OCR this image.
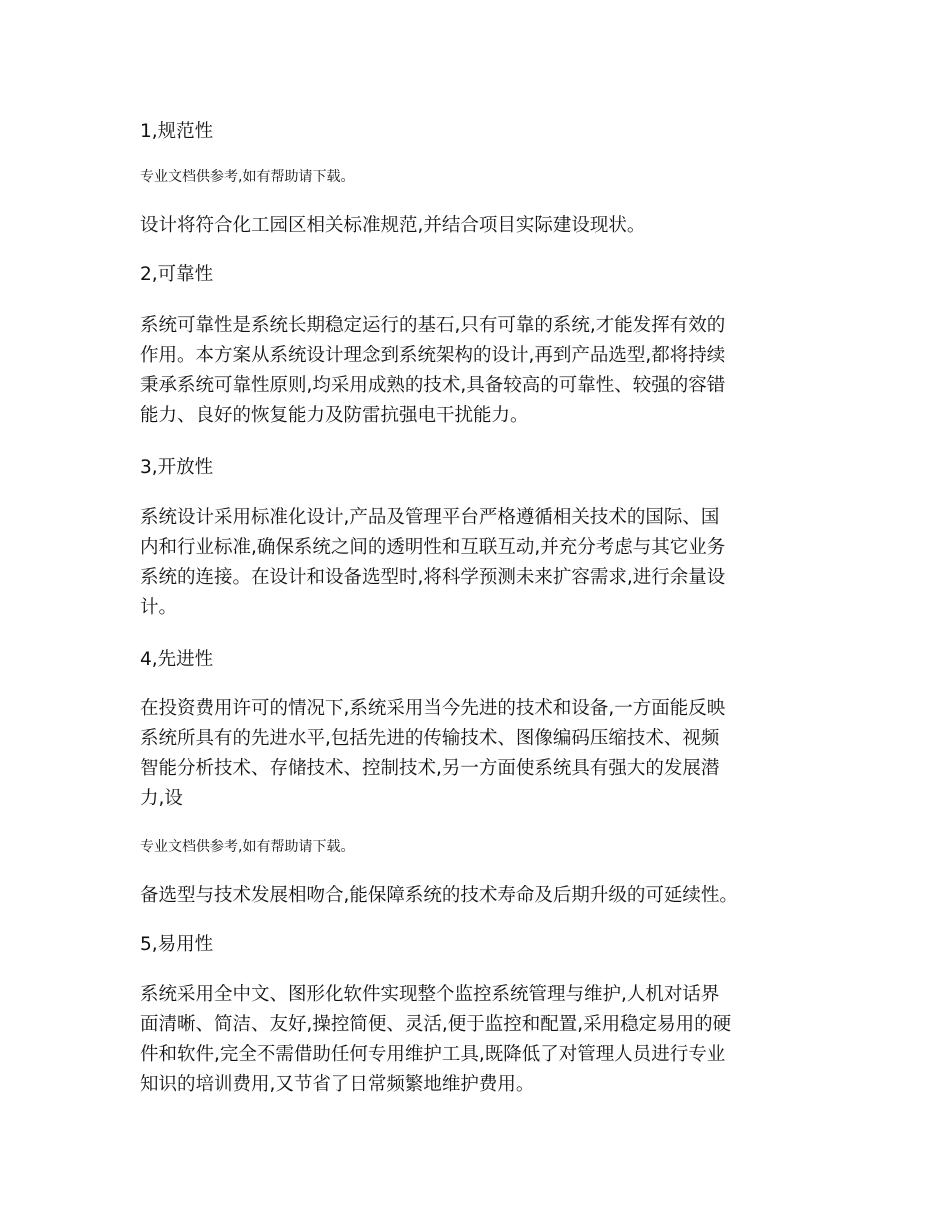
1,规范性

专业文档供参考,如有帮助请下载。

设计将符合化工园区相关标准规范,并结合项目实际建设现状。

2,可靠性

系统可靠性是系统长期稳定运行的基石,只有可靠的系统,才能发挥有效的
作用。本方案从系统设计理念到系统架构的设计,再到产品选型,都将持续
秉承系统可靠性原则,均采用成熟的技术,具备较高的可靠性、较强的容错
能力、良好的恢复能力及防雷抗强电干扰能力。

3,开放性

系统设计采用标准化设计,产品及管理平台严格遵循相关技术的国际、国
内和行业标准,确保系统之间的透明性和互联互动,并充分考虑与其它业务
系统的连接。在设计和设备选型时,将科学预测未来扩容需求,进行余量设
计。

4,先进性

在投资费用许可的情况下,系统采用当今先进的技术和设备,一方面能反映
系统所具有的先进水平,包括先进的传输技术、图像编码压缩技术、视频
智能分析技术、存储技术、控制技术,另一方面使系统具有强大的发展潜
力,设

专业文档供参考,如有帮助请下载。

备选型与技术发展相吻合,能保障系统的技术寿命及后期升级的可延续性。

5,易用性

系统采用全中文、图形化软件实现整个监控系统管理与维护,人机对话界
面清晰、简洁、友好,操控简便、灵活,便于监控和配置,采用稳定易用的硬
件和软件,完全不需借助任何专用维护工具,既降低了对管理人员进行专业
知识的培训费用,又节省了日常频繁地维护费用。
